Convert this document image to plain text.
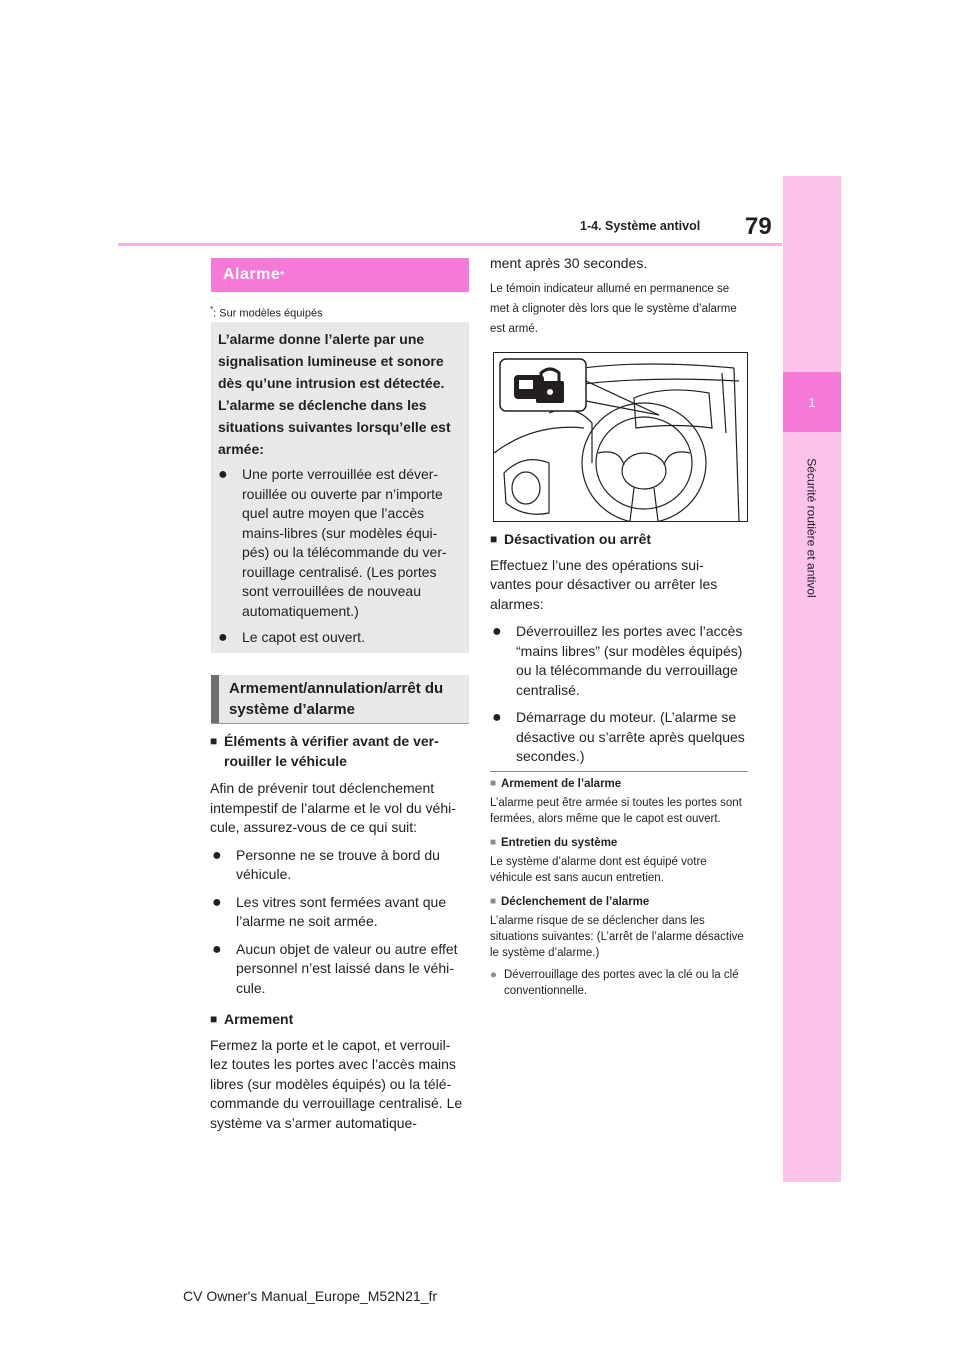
79
1-4. Système antivol
1
Sécurité routière et antivol
Alarme *
*: Sur modèles équipés
L’alarme donne l’alerte par une signalisation lumineuse et sonore dès qu’une intrusion est détectée. L’alarme se déclenche dans les situations suivantes lorsqu’elle est armée:
●	Une porte verrouillée est déver- rouillée ou ouverte par n’importe quel autre moyen que l’accès mains-libres (sur modèles équi- pés) ou la télécommande du ver- rouillage centralisé. (Les portes sont verrouillées de nouveau automatiquement.)
●	Le capot est ouvert.
Armement/annulation/arrêt du système d’alarme
■ Éléments à vérifier avant de ver- rouiller le véhicule
Afin de prévenir tout déclenchement intempestif de l’alarme et le vol du véhi- cule, assurez-vous de ce qui suit:
●	Personne ne se trouve à bord du véhicule.
●	Les vitres sont fermées avant que l’alarme ne soit armée.
●	Aucun objet de valeur ou autre effet personnel n’est laissé dans le véhi- cule.
■ Armement
Fermez la porte et le capot, et verrouil- lez toutes les portes avec l’accès mains libres (sur modèles équipés) ou la télé- commande du verrouillage centralisé. Le système va s’armer automatique-
ment après 30 secondes.
Le témoin indicateur allumé en permanence se met à clignoter dès lors que le système d’alarme est armé.
■ Désactivation ou arrêt
Effectuez l’une des opérations sui- vantes pour désactiver ou arrêter les alarmes:
●	Déverrouillez les portes avec l’accès “mains libres” (sur modèles équipés) ou la télécommande du verrouillage centralisé.
●	Démarrage du moteur. (L’alarme se désactive ou s’arrête après quelques secondes.)
■ Armement de l’alarme
L’alarme peut être armée si toutes les portes sont fermées, alors même que le capot est ouvert.
■ Entretien du système
Le système d’alarme dont est équipé votre véhicule est sans aucun entretien.
■ Déclenchement de l’alarme
L’alarme risque de se déclencher dans les situations suivantes: (L’arrêt de l’alarme désactive le système d’alarme.)
● Déverrouillage des portes avec la clé ou la clé conventionnelle.
CV Owner's Manual_Europe_M52N21_fr
